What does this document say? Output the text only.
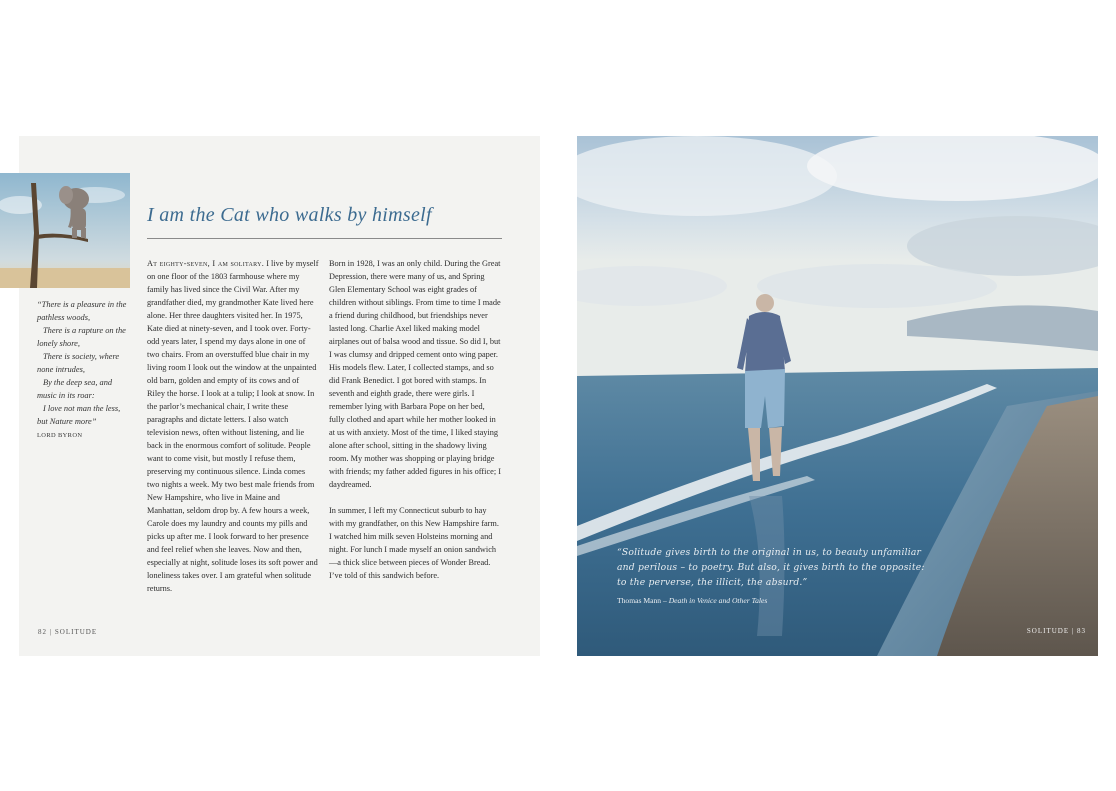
“There is a pleasure in the
pathless woods,
There is a rapture on the
lonely shore,
There is society, where
none intrudes,
By the deep sea, and
music in its roar:
I love not man the less,
but Nature more”
LORD BYRON
I am the Cat who walks by himself

At eighty-seven, I am solitary. I live by myself on one floor of the 1803 farmhouse where my family has lived since the Civil War. After my grandfather died, my grandmother Kate lived here alone. Her three daughters visited her. In 1975, Kate died at ninety-seven, and I took over. Forty-odd years later, I spend my days alone in one of two chairs. From an overstuffed blue chair in my living room I look out the window at the unpainted old barn, golden and empty of its cows and of Riley the horse. I look at a tulip; I look at snow. In the parlor’s mechanical chair, I write these paragraphs and dictate letters. I also watch television news, often without listening, and lie back in the enormous comfort of solitude. People want to come visit, but mostly I refuse them, preserving my continuous silence. Linda comes two nights a week. My two best male friends from New Hampshire, who live in Maine and Manhattan, seldom drop by. A few hours a week, Carole does my laundry and counts my pills and picks up after me. I look forward to her presence and feel relief when she leaves. Now and then, especially at night, solitude loses its soft power and loneliness takes over. I am grateful when solitude returns.

Born in 1928, I was an only child. During the Great Depression, there were many of us, and Spring Glen Elementary School was eight grades of children without siblings. From time to time I made a friend during childhood, but friendships never lasted long. Charlie Axel liked making model airplanes out of balsa wood and tissue. So did I, but I was clumsy and dripped cement onto wing paper. His models flew. Later, I collected stamps, and so did Frank Benedict. I got bored with stamps. In seventh and eighth grade, there were girls. I remember lying with Barbara Pope on her bed, fully clothed and apart while her mother looked in at us with anxiety. Most of the time, I liked staying alone after school, sitting in the shadowy living room. My mother was shopping or playing bridge with friends; my father added figures in his office; I daydreamed.

In summer, I left my Connecticut suburb to hay with my grandfather, on this New Hampshire farm. I watched him milk seven Holsteins morning and night. For lunch I made myself an onion sandwich—a thick slice between pieces of Wonder Bread. I’ve told of this sandwich before.

82 | SOLITUDE
“Solitude gives birth to the original in us, to beauty unfamiliar and perilous – to poetry. But also, it gives birth to the opposite: to the perverse, the illicit, the absurd.”
Thomas Mann – Death in Venice and Other Tales
SOLITUDE | 83
